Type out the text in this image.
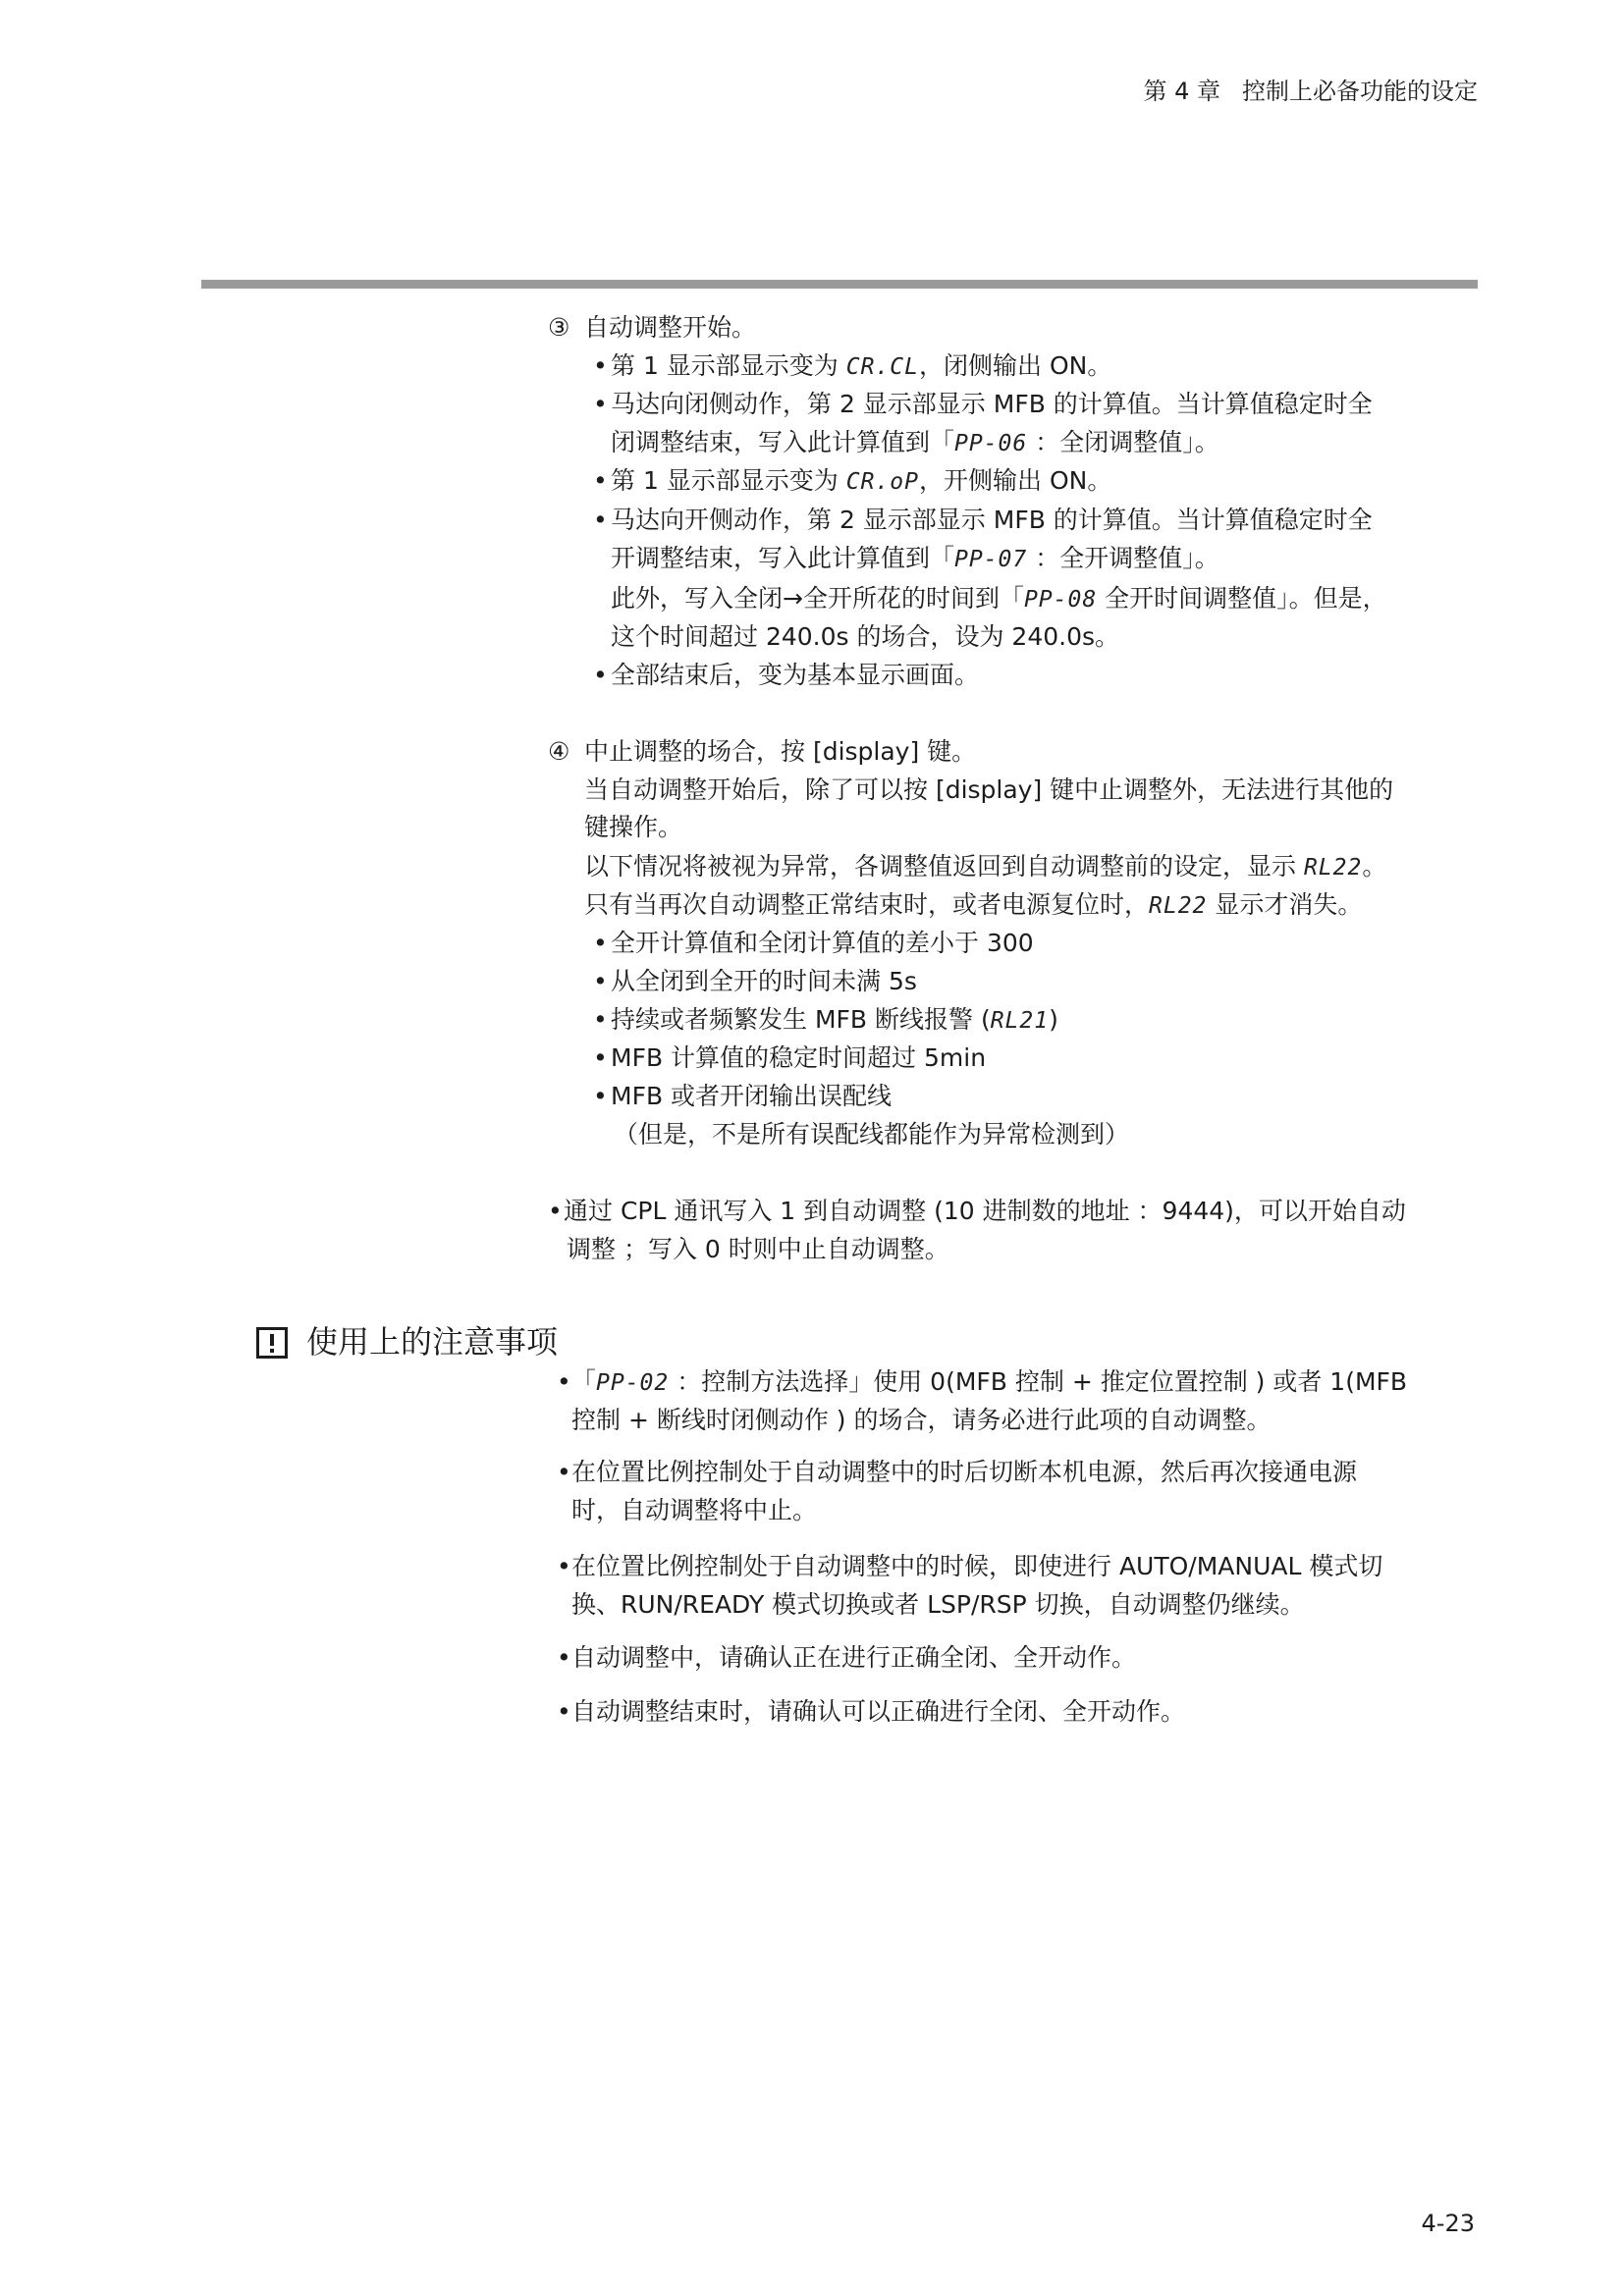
第 4 章 控制上必备功能的设定
③ 自动调整开始。
• 第 1 显示部显示变为 CR.CL，闭侧输出 ON。
• 马达向闭侧动作，第 2 显示部显示 MFB 的计算值。当计算值稳定时全
闭调整结束，写入此计算值到「PP-06 ：全闭调整值」。
• 第 1 显示部显示变为 CR.oP，开侧输出 ON。
• 马达向开侧动作，第 2 显示部显示 MFB 的计算值。当计算值稳定时全
开调整结束，写入此计算值到「PP-07 ：全开调整值」。
此外，写入全闭→全开所花的时间到「PP-08 全开时间调整值」。但是，
这个时间超过 240.0s 的场合，设为 240.0s。
• 全部结束后，变为基本显示画面。
④ 中止调整的场合，按 [display] 键。
当自动调整开始后，除了可以按 [display] 键中止调整外，无法进行其他的
键操作。
以下情况将被视为异常，各调整值返回到自动调整前的设定，显示 RL22。
只有当再次自动调整正常结束时，或者电源复位时，RL22 显示才消失。
• 全开计算值和全闭计算值的差小于 300
• 从全闭到全开的时间未满 5s
• 持续或者频繁发生 MFB 断线报警 (RL21)
• MFB 计算值的稳定时间超过 5min
• MFB 或者开闭输出误配线
（但是，不是所有误配线都能作为异常检测到）
• 通过 CPL 通讯写入 1 到自动调整 (10 进制数的地址 ：9444)，可以开始自动
调整 ；写入 0 时则中止自动调整。
使用上的注意事项
• 「PP-02 ：控制方法选择」使用 0(MFB 控制 + 推定位置控制 ) 或者 1(MFB
控制 + 断线时闭侧动作 ) 的场合，请务必进行此项的自动调整。
• 在位置比例控制处于自动调整中的时后切断本机电源，然后再次接通电源
时，自动调整将中止。
• 在位置比例控制处于自动调整中的时候，即使进行 AUTO/MANUAL 模式切
换、RUN/READY 模式切换或者 LSP/RSP 切换，自动调整仍继续。
• 自动调整中，请确认正在进行正确全闭、全开动作。
• 自动调整结束时，请确认可以正确进行全闭、全开动作。
4-23
